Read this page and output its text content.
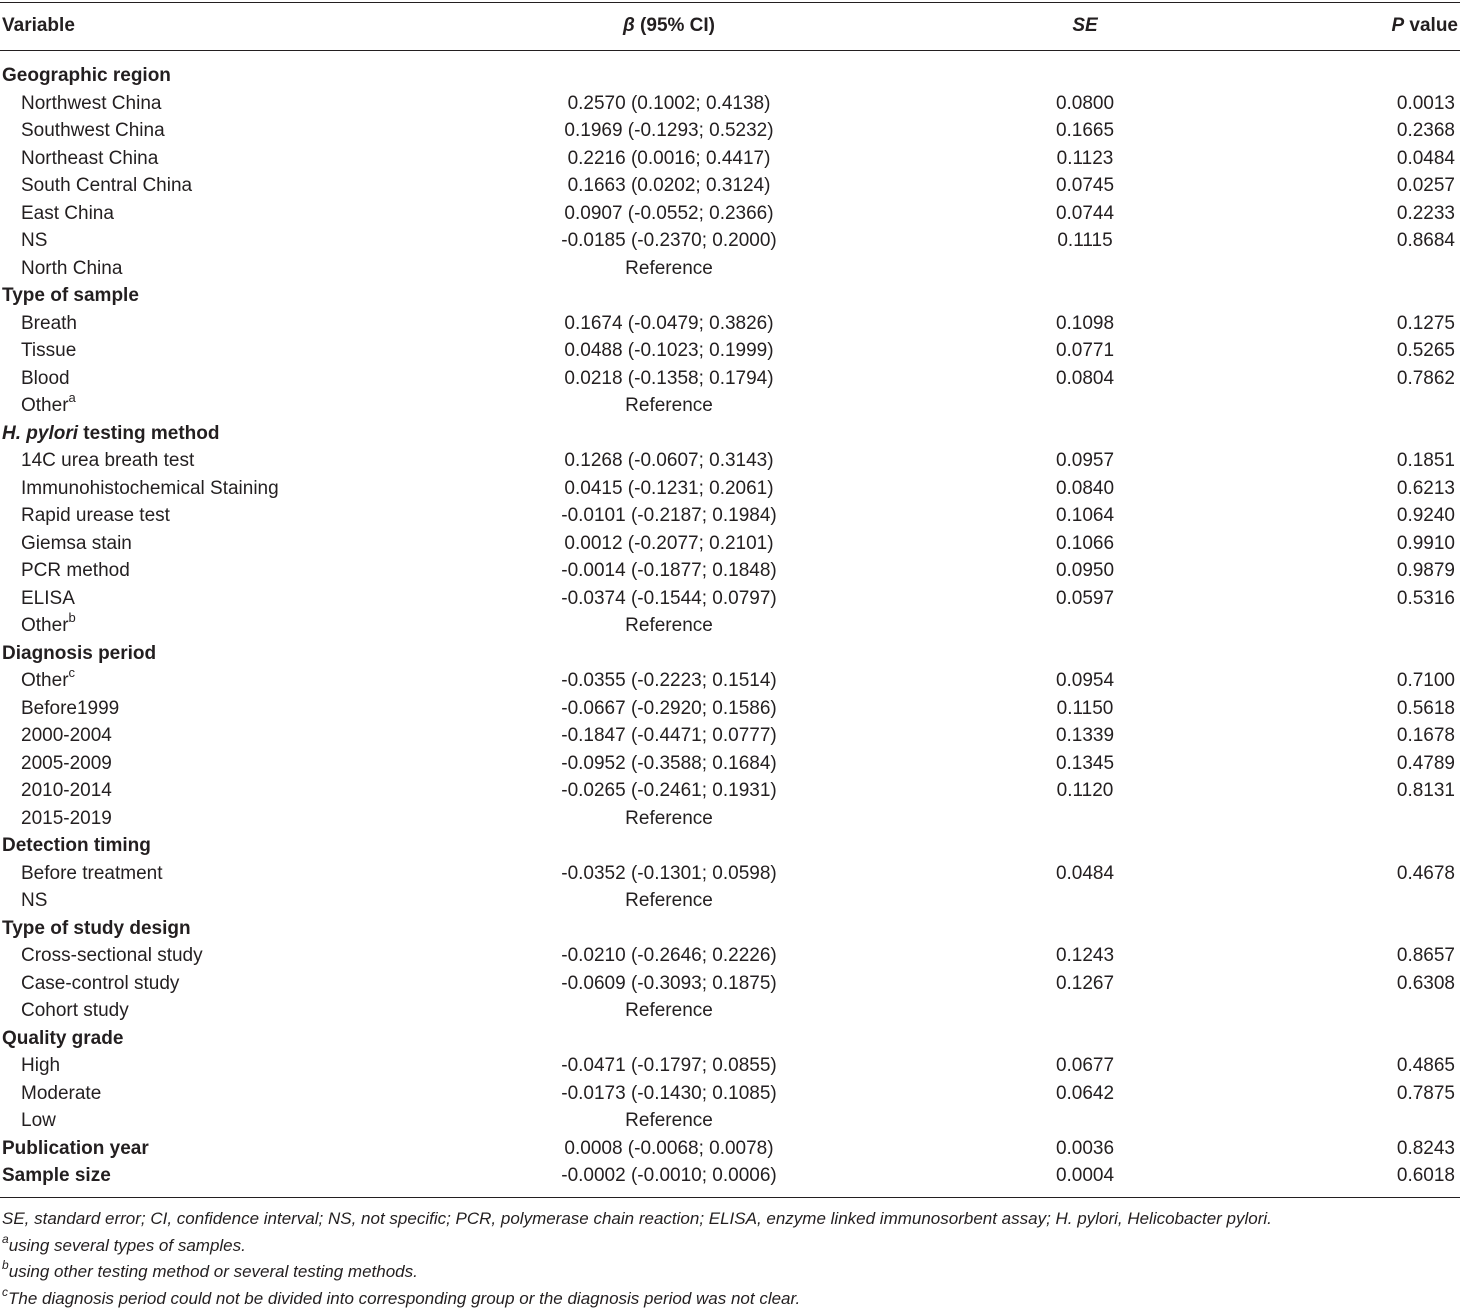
Variable	β (95% CI)	SE	P value
Geographic region
Northwest China	0.2570 (0.1002; 0.4138)	0.0800	0.0013
Southwest China	0.1969 (-0.1293; 0.5232)	0.1665	0.2368
Northeast China	0.2216 (0.0016; 0.4417)	0.1123	0.0484
South Central China	0.1663 (0.0202; 0.3124)	0.0745	0.0257
East China	0.0907 (-0.0552; 0.2366)	0.0744	0.2233
NS	-0.0185 (-0.2370; 0.2000)	0.1115	0.8684
North China	Reference
Type of sample
Breath	0.1674 (-0.0479; 0.3826)	0.1098	0.1275
Tissue	0.0488 (-0.1023; 0.1999)	0.0771	0.5265
Blood	0.0218 (-0.1358; 0.1794)	0.0804	0.7862
Other$^a$	Reference
H. pylori testing method
14C urea breath test	0.1268 (-0.0607; 0.3143)	0.0957	0.1851
Immunohistochemical Staining	0.0415 (-0.1231; 0.2061)	0.0840	0.6213
Rapid urease test	-0.0101 (-0.2187; 0.1984)	0.1064	0.9240
Giemsa stain	0.0012 (-0.2077; 0.2101)	0.1066	0.9910
PCR method	-0.0014 (-0.1877; 0.1848)	0.0950	0.9879
ELISA	-0.0374 (-0.1544; 0.0797)	0.0597	0.5316
Other$^b$	Reference
Diagnosis period
Other$^c$	-0.0355 (-0.2223; 0.1514)	0.0954	0.7100
Before1999	-0.0667 (-0.2920; 0.1586)	0.1150	0.5618
2000-2004	-0.1847 (-0.4471; 0.0777)	0.1339	0.1678
2005-2009	-0.0952 (-0.3588; 0.1684)	0.1345	0.4789
2010-2014	-0.0265 (-0.2461; 0.1931)	0.1120	0.8131
2015-2019	Reference
Detection timing
Before treatment	-0.0352 (-0.1301; 0.0598)	0.0484	0.4678
NS	Reference
Type of study design
Cross-sectional study	-0.0210 (-0.2646; 0.2226)	0.1243	0.8657
Case-control study	-0.0609 (-0.3093; 0.1875)	0.1267	0.6308
Cohort study	Reference
Quality grade
High	-0.0471 (-0.1797; 0.0855)	0.0677	0.4865
Moderate	-0.0173 (-0.1430; 0.1085)	0.0642	0.7875
Low	Reference
Publication year	0.0008 (-0.0068; 0.0078)	0.0036	0.8243
Sample size	-0.0002 (-0.0010; 0.0006)	0.0004	0.6018
SE, standard error; CI, confidence interval; NS, not specific; PCR, polymerase chain reaction; ELISA, enzyme linked immunosorbent assay; H. pylori, Helicobacter pylori.
$^a$using several types of samples.
$^b$using other testing method or several testing methods.
$^c$The diagnosis period could not be divided into corresponding group or the diagnosis period was not clear.
